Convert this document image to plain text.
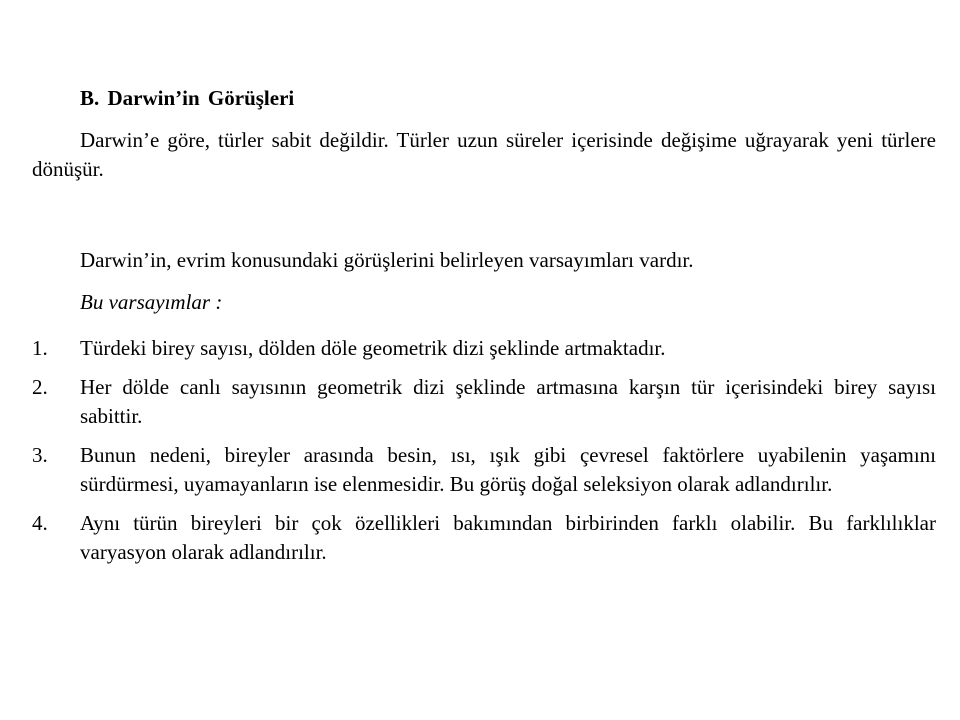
B. Darwin’in Görüşleri

Darwin’e göre, türler sabit değildir. Türler uzun süreler içerisinde değişime uğrayarak yeni türlere dönüşür.

Darwin’in, evrim konusundaki görüşlerini belirleyen varsayımları vardır.
Bu varsayımlar :
1.	Türdeki birey sayısı, dölden döle geometrik dizi şeklinde artmaktadır.
2.	Her dölde canlı sayısının geometrik dizi şeklinde artmasına karşın tür içerisindeki birey sayısı sabittir.
3.	Bunun nedeni, bireyler arasında besin, ısı, ışık gibi çevresel faktörlere uyabilenin yaşamını sürdürmesi, uyamayanların ise elenmesidir. Bu görüş doğal seleksiyon olarak adlandırılır.
4.	Aynı türün bireyleri bir çok özellikleri bakımından birbirinden farklı olabilir. Bu farklılıklar varyasyon olarak adlandırılır.
